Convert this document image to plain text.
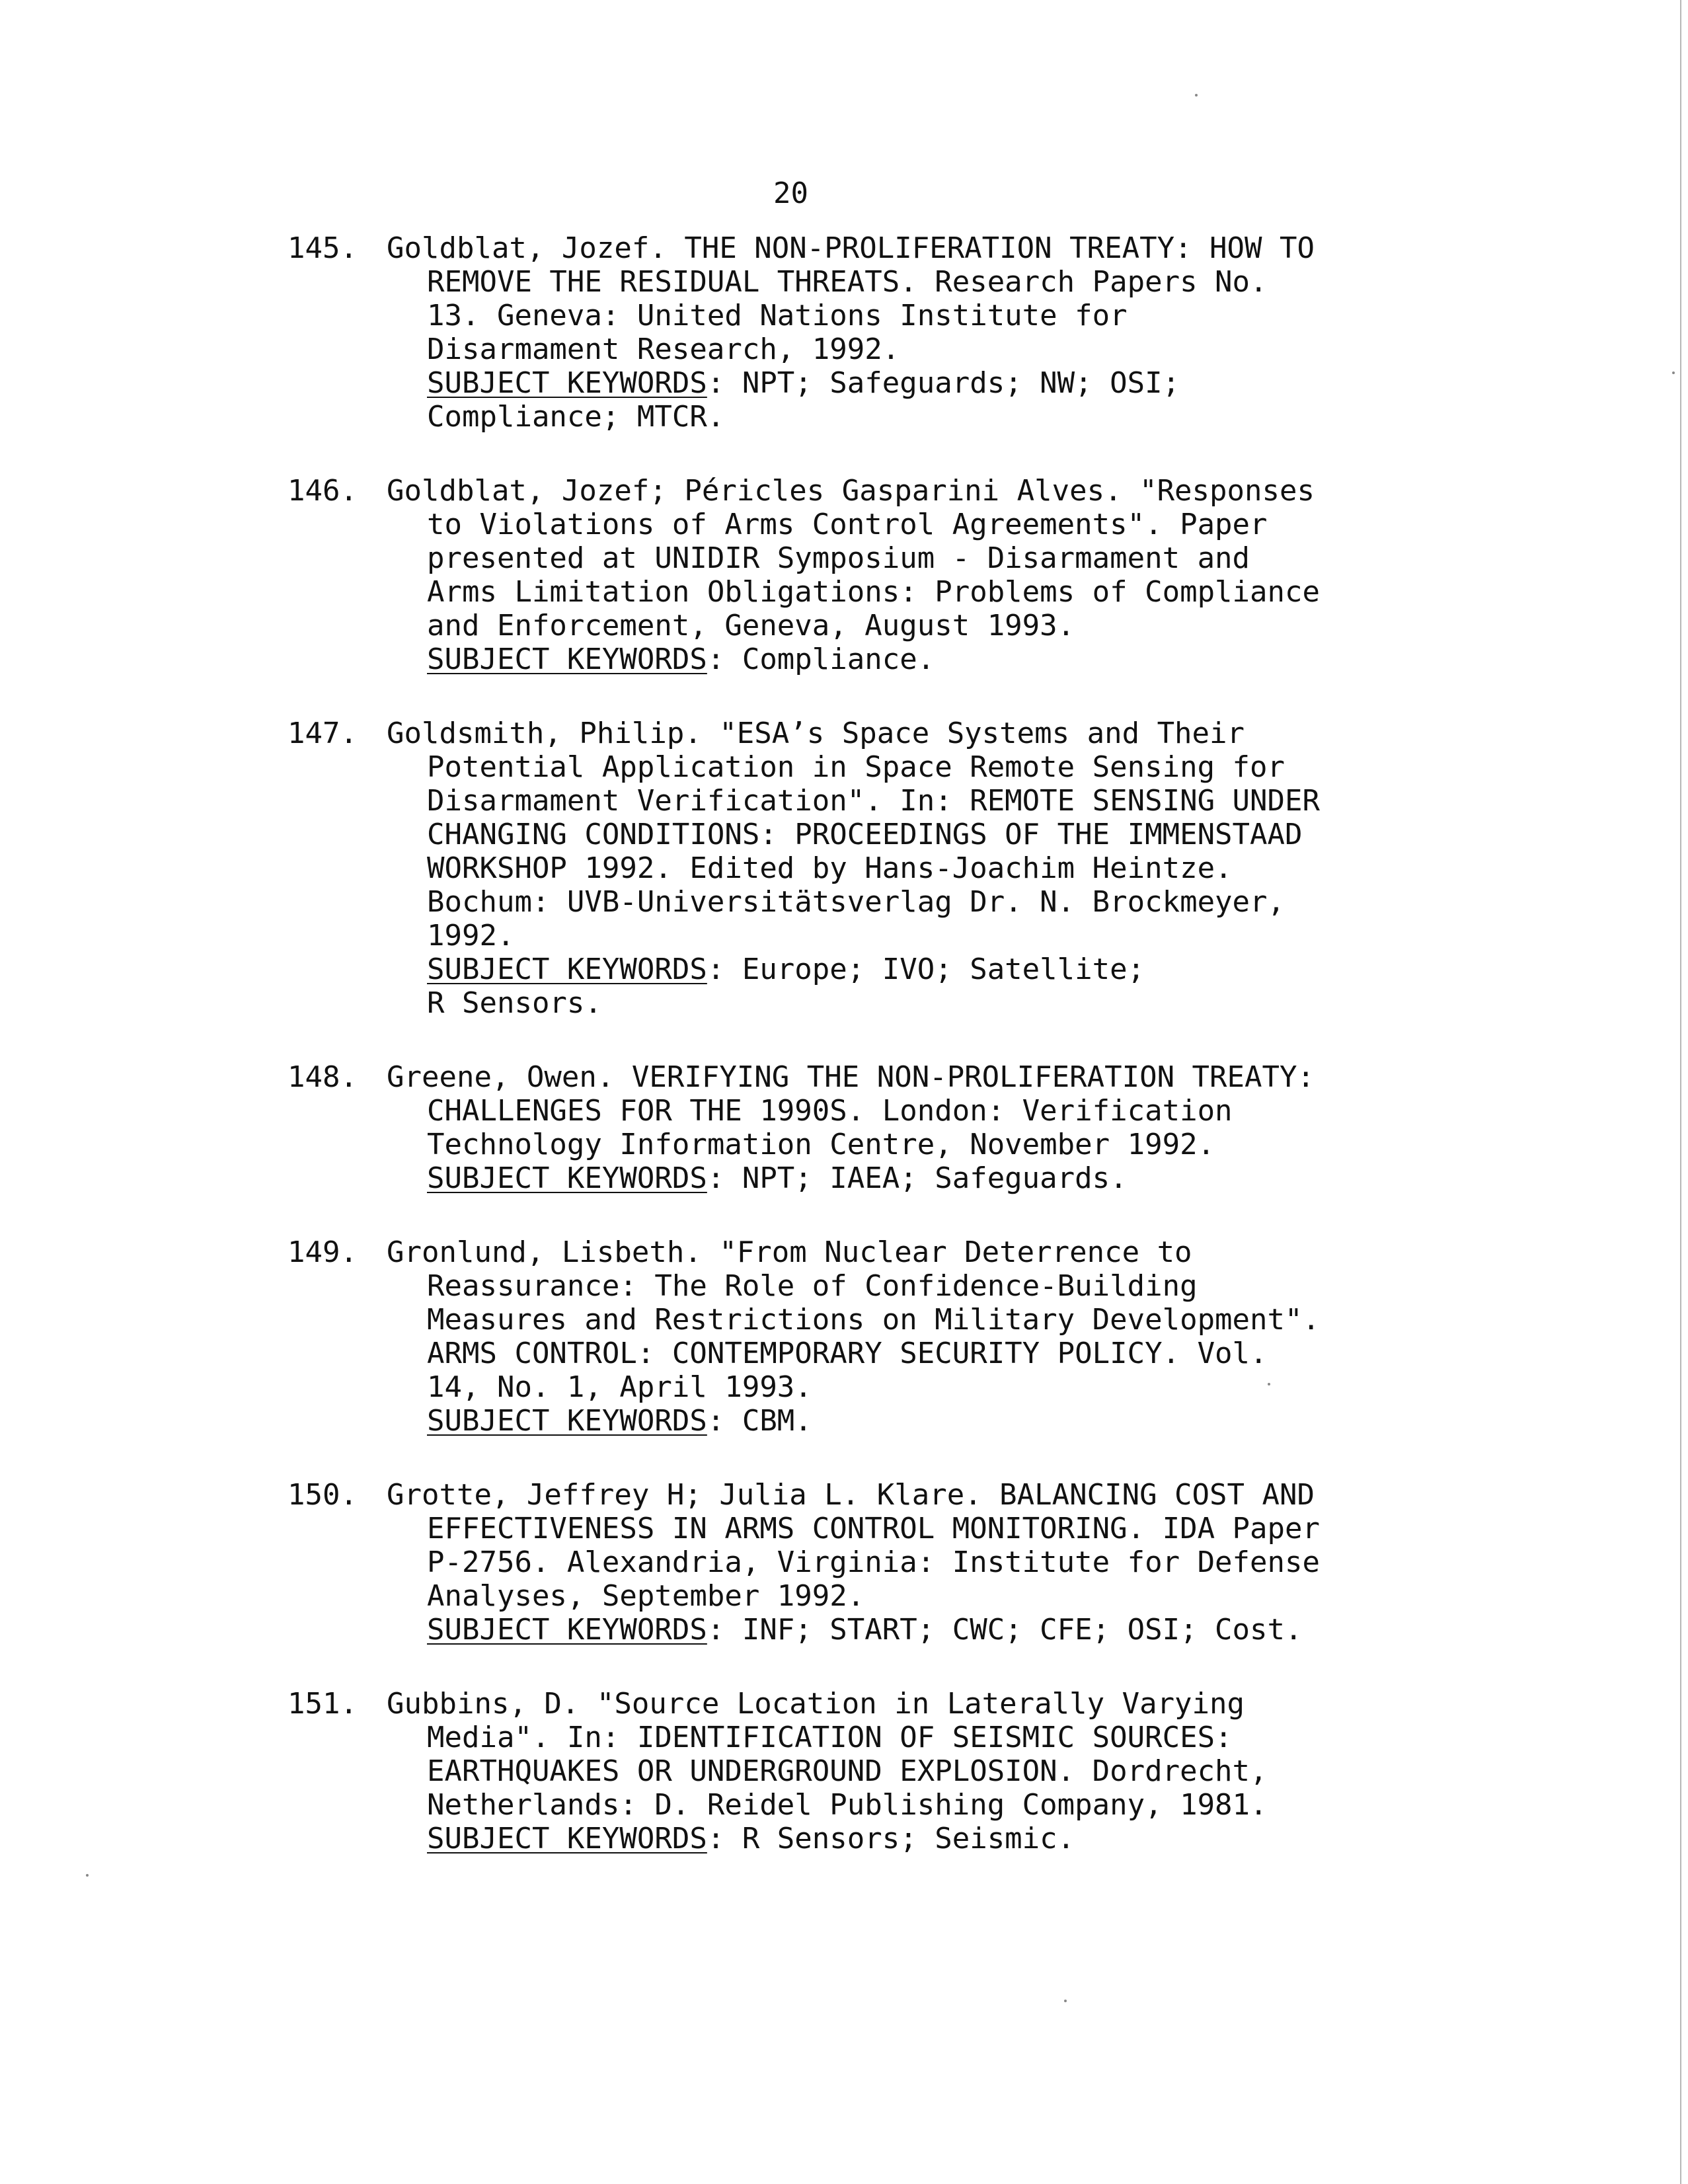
20
145.	Goldblat, Jozef. THE NON-PROLIFERATION TREATY: HOW TO
REMOVE THE RESIDUAL THREATS. Research Papers No.
13. Geneva: United Nations Institute for
Disarmament Research, 1992.
SUBJECT KEYWORDS: NPT; Safeguards; NW; OSI;
Compliance; MTCR.
146.	Goldblat, Jozef; Péricles Gasparini Alves. "Responses
to Violations of Arms Control Agreements". Paper
presented at UNIDIR Symposium - Disarmament and
Arms Limitation Obligations: Problems of Compliance
and Enforcement, Geneva, August 1993.
SUBJECT KEYWORDS: Compliance.
147.	Goldsmith, Philip. "ESA’s Space Systems and Their
Potential Application in Space Remote Sensing for
Disarmament Verification". In: REMOTE SENSING UNDER
CHANGING CONDITIONS: PROCEEDINGS OF THE IMMENSTAAD
WORKSHOP 1992. Edited by Hans-Joachim Heintze.
Bochum: UVB-Universitätsverlag Dr. N. Brockmeyer,
1992.
SUBJECT KEYWORDS: Europe; IVO; Satellite;
R Sensors.
148.	Greene, Owen. VERIFYING THE NON-PROLIFERATION TREATY:
CHALLENGES FOR THE 1990S. London: Verification
Technology Information Centre, November 1992.
SUBJECT KEYWORDS: NPT; IAEA; Safeguards.
149.	Gronlund, Lisbeth. "From Nuclear Deterrence to
Reassurance: The Role of Confidence-Building
Measures and Restrictions on Military Development".
ARMS CONTROL: CONTEMPORARY SECURITY POLICY. Vol.
14, No. 1, April 1993.
SUBJECT KEYWORDS: CBM.
150.	Grotte, Jeffrey H; Julia L. Klare. BALANCING COST AND
EFFECTIVENESS IN ARMS CONTROL MONITORING. IDA Paper
P-2756. Alexandria, Virginia: Institute for Defense
Analyses, September 1992.
SUBJECT KEYWORDS: INF; START; CWC; CFE; OSI; Cost.
151.	Gubbins, D. "Source Location in Laterally Varying
Media". In: IDENTIFICATION OF SEISMIC SOURCES:
EARTHQUAKES OR UNDERGROUND EXPLOSION. Dordrecht,
Netherlands: D. Reidel Publishing Company, 1981.
SUBJECT KEYWORDS: R Sensors; Seismic.
